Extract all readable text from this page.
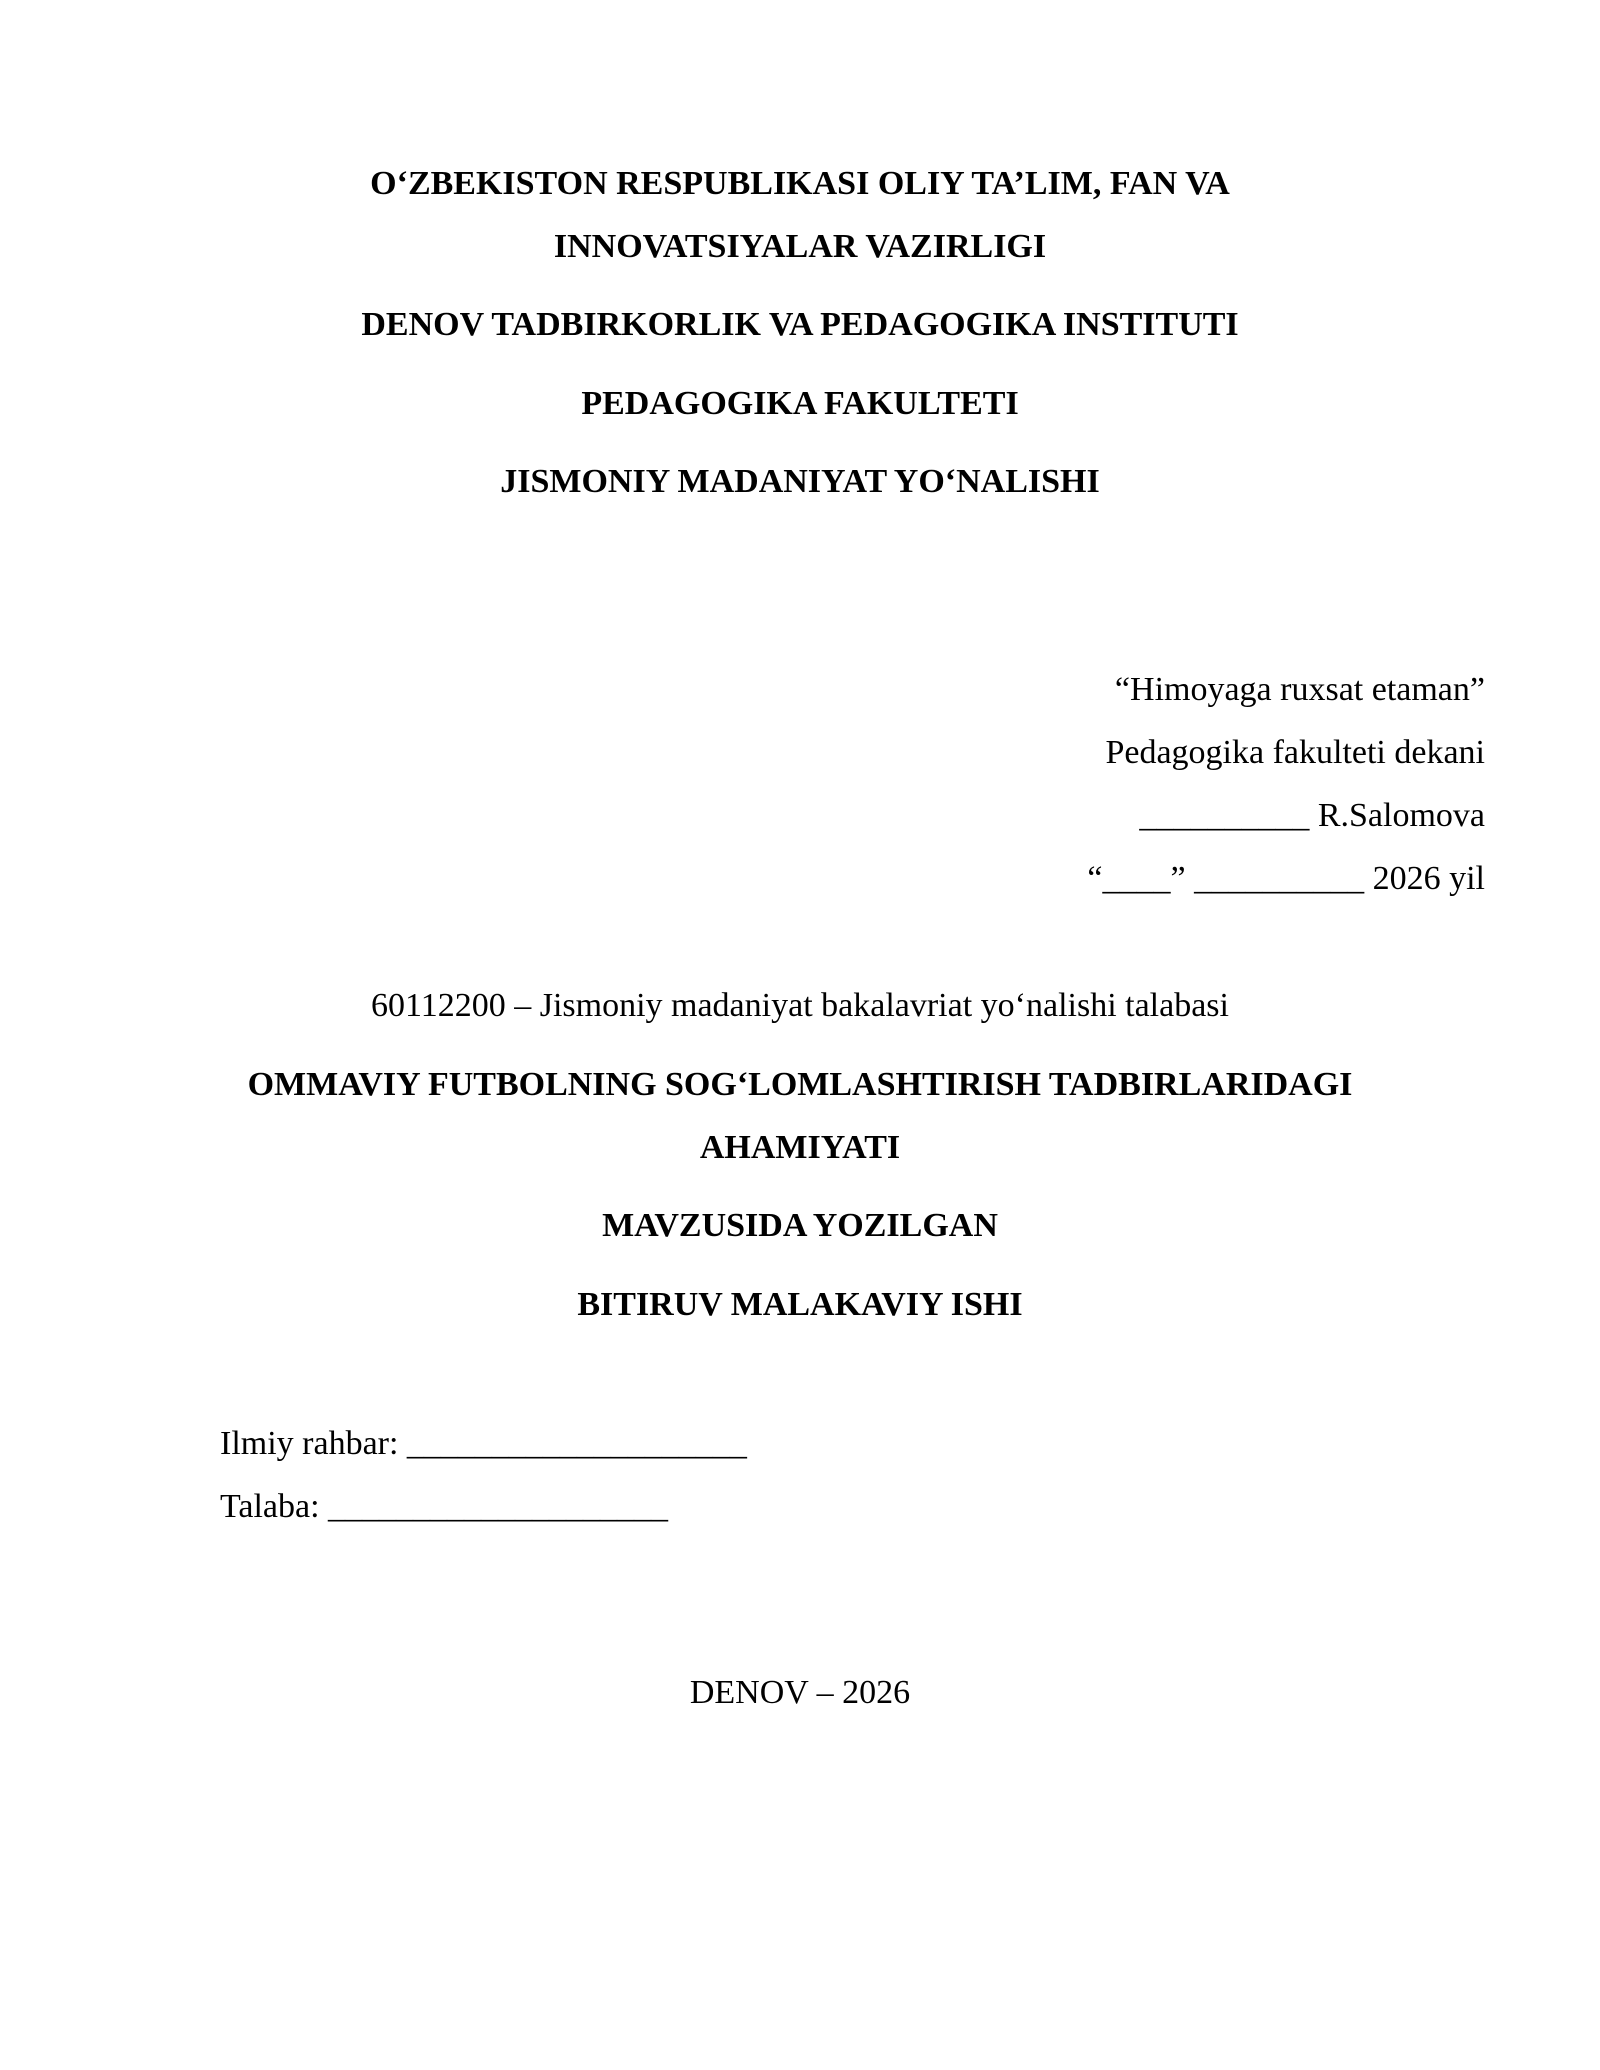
O‘ZBEKISTON RESPUBLIKASI OLIY TA’LIM, FAN VA
INNOVATSIYALAR VAZIRLIGI
DENOV TADBIRKORLIK VA PEDAGOGIKA INSTITUTI
PEDAGOGIKA FAKULTETI
JISMONIY MADANIYAT YO‘NALISHI
“Himoyaga ruxsat etaman”
Pedagogika fakulteti dekani
__________ R.Salomova
“____” __________ 2026 yil
60112200 – Jismoniy madaniyat bakalavriat yo‘nalishi talabasi
OMMAVIY FUTBOLNING SOG‘LOMLASHTIRISH TADBIRLARIDAGI
AHAMIYATI
MAVZUSIDA YOZILGAN
BITIRUV MALAKAVIY ISHI
Ilmiy rahbar: ____________________
Talaba: ____________________
DENOV – 2026
